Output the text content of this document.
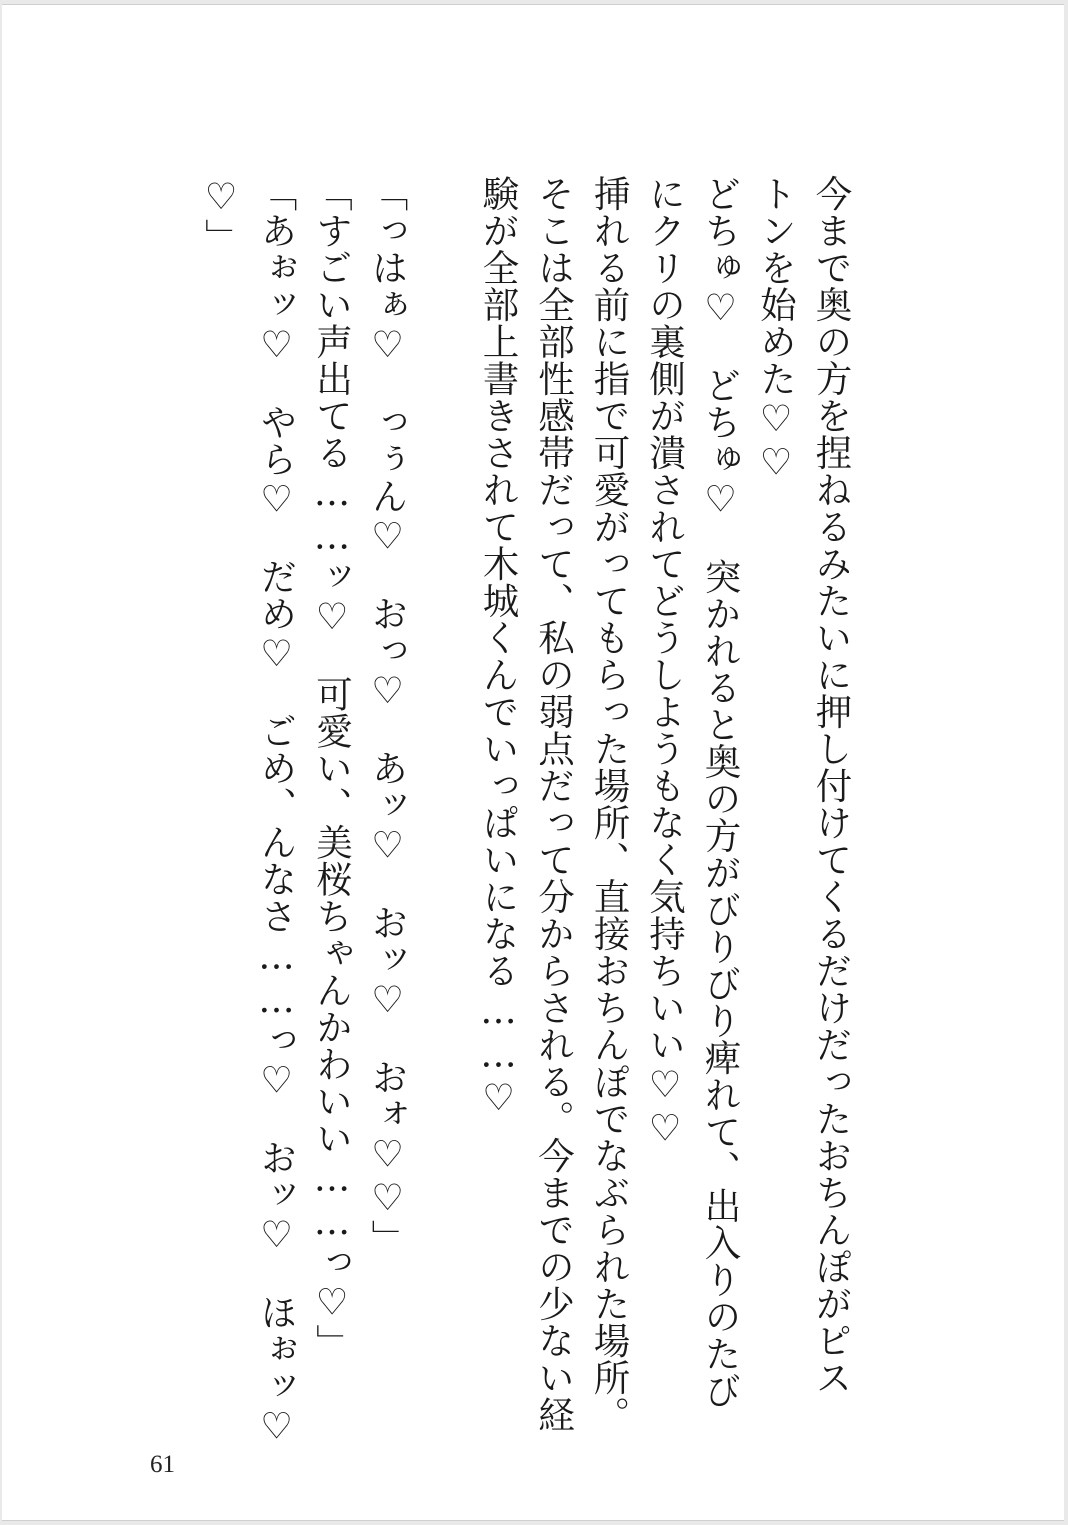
今まで奥の方を捏ねるみたいに押し付けてくるだけだったおちんぽがピス
トンを始めた♡♡
どちゅ♡　どちゅ♡　突かれると奥の方がびりびり痺れて、出入りのたび
にクリの裏側が潰されてどうしようもなく気持ちいい♡♡
挿れる前に指で可愛がってもらった場所、直接おちんぽでなぶられた場所。
そこは全部性感帯だって、私の弱点だって分からされる。今までの少ない経
験が全部上書きされて木城くんでいっぱいになる……♡
「っはぁ♡　っぅん♡　おっ♡　あッ♡　おッ♡　おォ♡♡」
「すごい声出てる……ッ♡　可愛い、美桜ちゃんかわいい……っ♡」
「あぉッ♡　やら♡　だめ♡　ごめ、んなさ……っ♡　おッ♡　ほぉッ♡
♡」
61
